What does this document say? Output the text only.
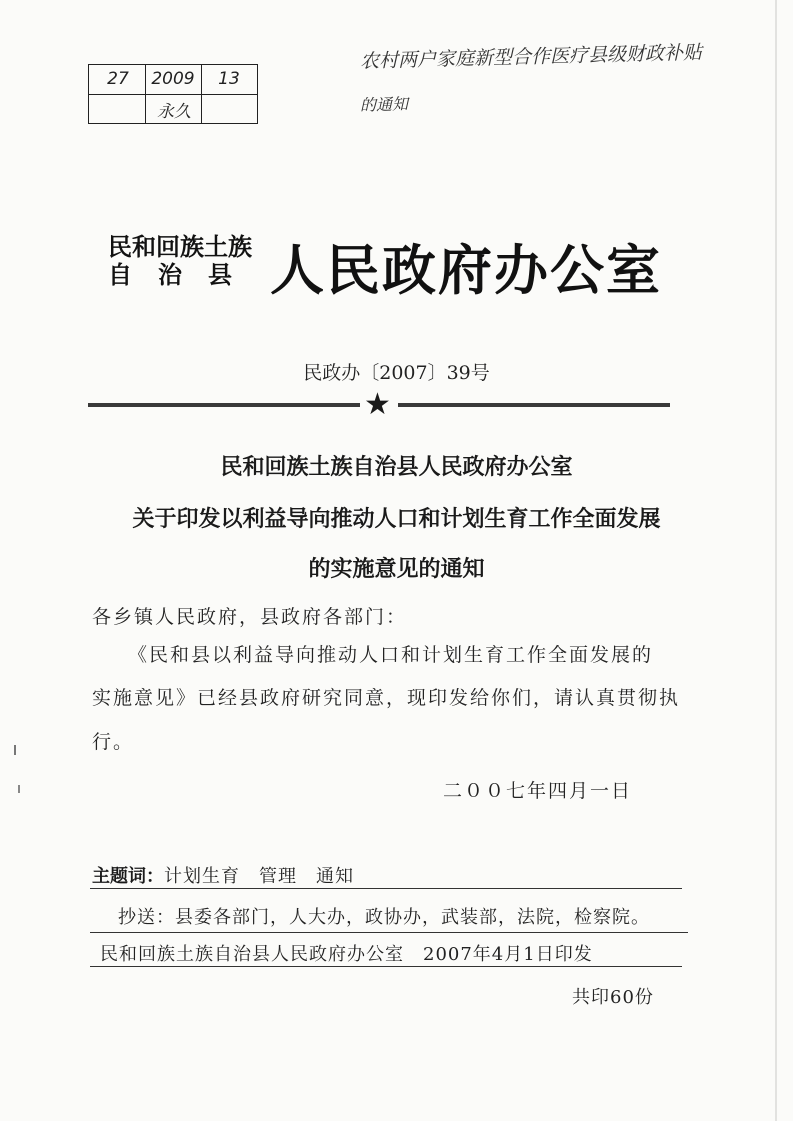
27	2009	13
永久
农村两户家庭新型合作医疗县级财政补贴
的通知
民和回族土族
自　治　县 人民政府办公室
民政办〔2007〕39号
★
民和回族土族自治县人民政府办公室
关于印发以利益导向推动人口和计划生育工作全面发展
的实施意见的通知
各乡镇人民政府，县政府各部门：
《民和县以利益导向推动人口和计划生育工作全面发展的
实施意见》已经县政府研究同意，现印发给你们，请认真贯彻执
行。
二００七年四月一日
主题词：计划生育　管理　通知
抄送：县委各部门，人大办，政协办，武装部，法院，检察院。
民和回族土族自治县人民政府办公室　2007年4月1日印发
共印60份
